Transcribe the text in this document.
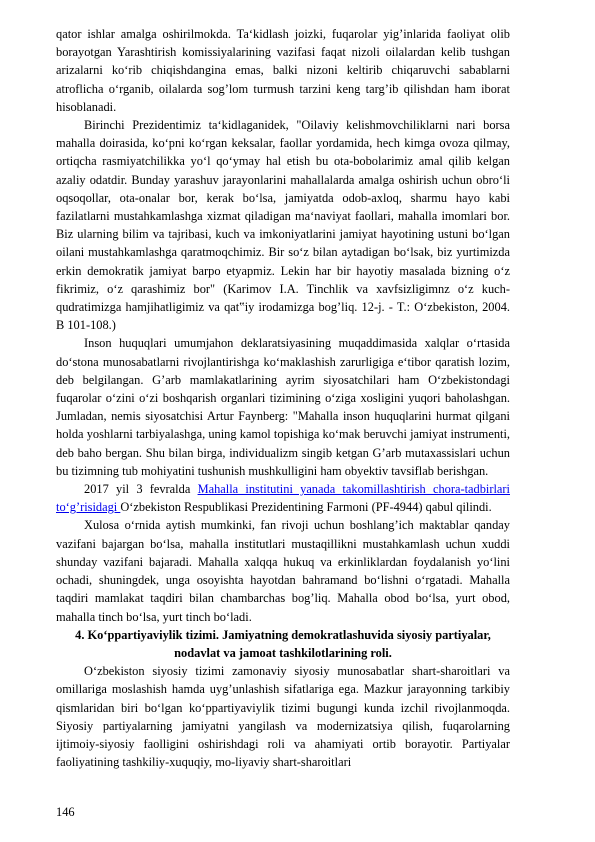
qator ishlar amalga oshirilmokda. Ta‘kidlash joizki, fuqarolar yig’inlarida faoliyat olib borayotgan Yarashtirish komissiyalarining vazifasi faqat nizoli oilalardan kelib tushgan arizalarni ko‘rib chiqishdangina emas, balki nizoni keltirib chiqaruvchi sabablarni atroflicha o‘rganib, oilalarda sog’lom turmush tarzini keng targ’ib qilishdan ham iborat hisoblanadi.

Birinchi Prezidentimiz ta‘kidlaganidek, "Oilaviy kelishmovchiliklarni nari borsa mahalla doirasida, ko‘pni ko‘rgan keksalar, faollar yordamida, hech kimga ovoza qilmay, ortiqcha rasmiyatchilikka yo‘l qo‘ymay hal etish bu ota-bobolarimiz amal qilib kelgan azaliy odatdir. Bunday yarashuv jarayonlarini mahallalarda amalga oshirish uchun obro‘li oqsoqollar, ota-onalar bor, kerak bo‘lsa, jamiyatda odob-axloq, sharmu hayo kabi fazilatlarni mustahkamlashga xizmat qiladigan ma‘naviyat faollari, mahalla imomlari bor. Biz ularning bilim va tajribasi, kuch va imkoniyatlarini jamiyat hayotining ustuni bo‘lgan oilani mustahkamlashga qaratmoqchimiz. Bir so‘z bilan aytadigan bo‘lsak, biz yurtimizda erkin demokratik jamiyat barpo etyapmiz. Lekin har bir hayotiy masalada bizning o‘z fikrimiz, o‘z qarashimiz bor" (Karimov I.A. Tinchlik va xavfsizligimnz o‘z kuch-qudratimizga hamjihatligimiz va qat‟iy irodamizga bog’liq. 12-j. - T.: O‘zbekiston, 2004. B 101-108.)

Inson huquqlari umumjahon deklaratsiyasining muqaddimasida xalqlar o‘rtasida do‘stona munosabatlarni rivojlantirishga ko‘maklashish zarurligiga e‘tibor qaratish lozim, deb belgilangan. G’arb mamlakatlarining ayrim siyosatchilari ham O‘zbekistondagi fuqarolar o‘zini o‘zi boshqarish organlari tizimining o‘ziga xosligini yuqori baholashgan. Jumladan, nemis siyosatchisi Artur Faynberg: "Mahalla inson huquqlarini hurmat qilgani holda yoshlarni tarbiyalashga, uning kamol topishiga ko‘mak beruvchi jamiyat instrumenti, deb baho bergan. Shu bilan birga, individualizm singib ketgan G’arb mutaxassislari uchun bu tizimning tub mohiyatini tushunish mushkulligini ham obyektiv tavsiflab berishgan.

2017 yil 3 fevralda Mahalla institutini yanada takomillashtirish chora-tadbirlari to‘g’risidagi O‘zbekiston Respublikasi Prezidentining Farmoni (PF-4944) qabul qilindi.

Xulosa o‘rnida aytish mumkinki, fan rivoji uchun boshlang’ich maktablar qanday vazifani bajargan bo‘lsa, mahalla institutlari mustaqillikni mustahkamlash uchun xuddi shunday vazifani bajaradi. Mahalla xalqqa hukuq va erkinliklardan foydalanish yo‘lini ochadi, shuningdek, unga osoyishta hayotdan bahramand bo‘lishni o‘rgatadi. Mahalla taqdiri mamlakat taqdiri bilan chambarchas bog’liq. Mahalla obod bo‘lsa, yurt obod, mahalla tinch bo‘lsa, yurt tinch bo‘ladi.

4. Ko‘ppartiyaviylik tizimi. Jamiyatning demokratlashuvida siyosiy partiyalar, nodavlat va jamoat tashkilotlarining roli.

O‘zbekiston siyosiy tizimi zamonaviy siyosiy munosabatlar shart-sharoitlari va omillariga moslashish hamda uyg’unlashish sifatlariga ega. Mazkur jarayonning tarkibiy qismlaridan biri bo‘lgan ko‘ppartiyaviylik tizimi bugungi kunda izchil rivojlanmoqda. Siyosiy partiyalarning jamiyatni yangilash va modernizatsiya qilish, fuqarolarning ijtimoiy-siyosiy faolligini oshirishdagi roli va ahamiyati ortib borayotir. Partiyalar faoliyatining tashkiliy-xuquqiy, mo-liyaviy shart-sharoitlari

146
